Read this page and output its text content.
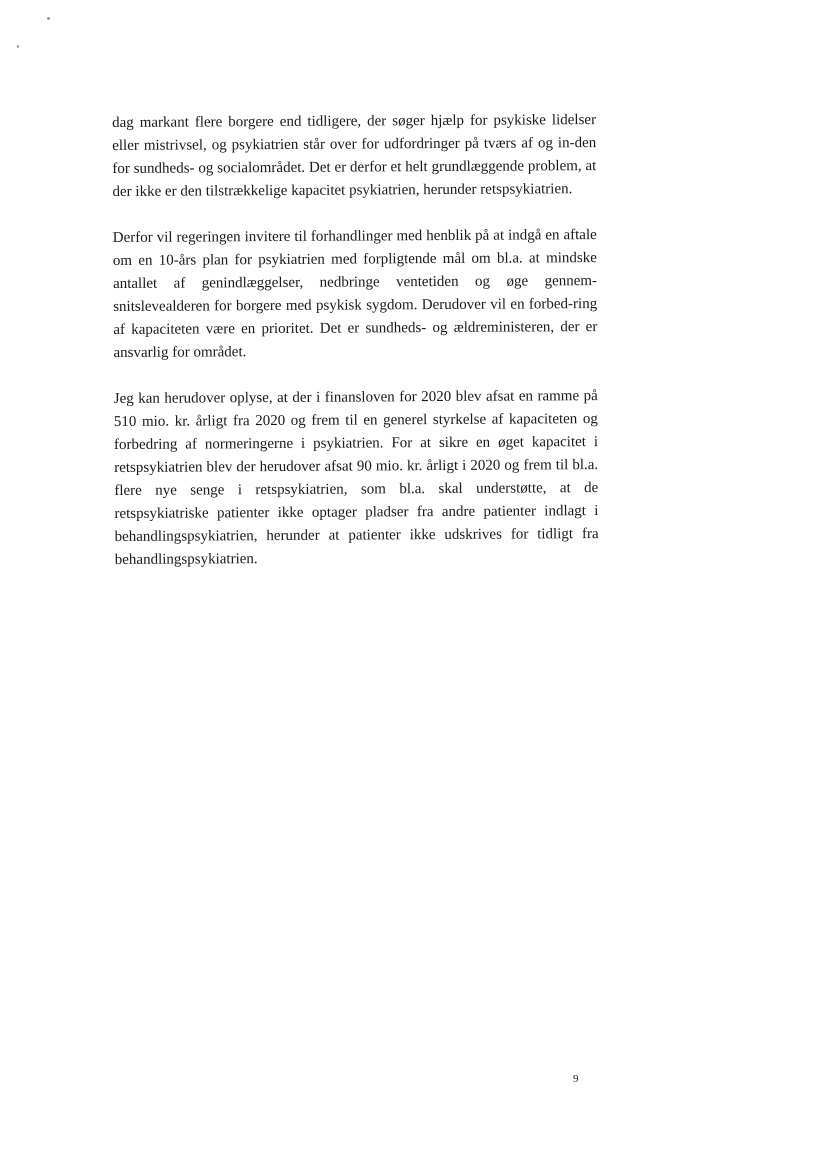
dag markant flere borgere end tidligere, der søger hjælp for psykiske lidelser eller mistrivsel, og psykiatrien står over for udfordringer på tværs af og in-den for sundheds- og socialområdet. Det er derfor et helt grundlæggende problem, at der ikke er den tilstrækkelige kapacitet psykiatrien, herunder retspsykiatrien.

Derfor vil regeringen invitere til forhandlinger med henblik på at indgå en aftale om en 10-års plan for psykiatrien med forpligtende mål om bl.a. at mindske antallet af genindlæggelser, nedbringe ventetiden og øge gennem-snitslevealderen for borgere med psykisk sygdom. Derudover vil en forbed-ring af kapaciteten være en prioritet. Det er sundheds- og ældreministeren, der er ansvarlig for området.

Jeg kan herudover oplyse, at der i finansloven for 2020 blev afsat en ramme på 510 mio. kr. årligt fra 2020 og frem til en generel styrkelse af kapaciteten og forbedring af normeringerne i psykiatrien. For at sikre en øget kapacitet i retspsykiatrien blev der herudover afsat 90 mio. kr. årligt i 2020 og frem til bl.a. flere nye senge i retspsykiatrien, som bl.a. skal understøtte, at de retspsykiatriske patienter ikke optager pladser fra andre patienter indlagt i behandlingspsykiatrien, herunder at patienter ikke udskrives for tidligt fra behandlingspsykiatrien.

9
